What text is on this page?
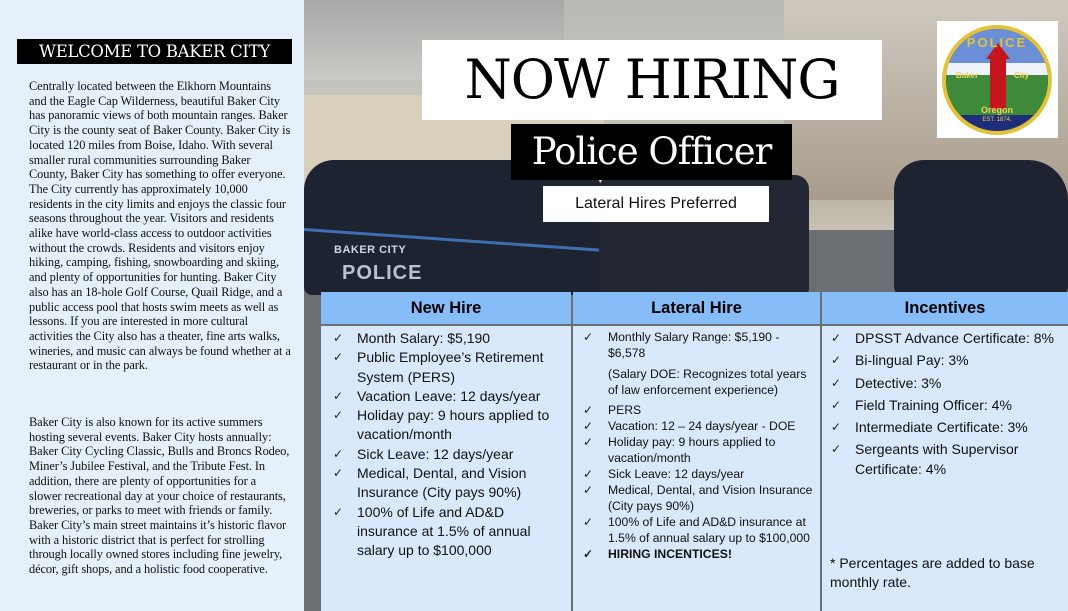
WELCOME TO BAKER CITY

Centrally located between the Elkhorn Mountains and the Eagle Cap Wilderness, beautiful Baker City has panoramic views of both mountain ranges. Baker City is the county seat of Baker County. Baker City is located 120 miles from Boise, Idaho. With several smaller rural communities surrounding Baker County, Baker City has something to offer everyone. The City currently has approximately 10,000 residents in the city limits and enjoys the classic four seasons throughout the year. Visitors and residents alike have world-class access to outdoor activities without the crowds. Residents and visitors enjoy hiking, camping, fishing, snowboarding and skiing, and plenty of opportunities for hunting. Baker City also has an 18-hole Golf Course, Quail Ridge, and a public access pool that hosts swim meets as well as lessons. If you are interested in more cultural activities the City also has a theater, fine arts walks, wineries, and music can always be found whether at a restaurant or in the park.

Baker City is also known for its active summers hosting several events. Baker City hosts annually: Baker City Cycling Classic, Bulls and Broncs Rodeo, Miner’s Jubilee Festival, and the Tribute Fest. In addition, there are plenty of opportunities for a slower recreational day at your choice of restaurants, breweries, or parks to meet with friends or family. Baker City’s main street maintains it’s historic flavor with a historic district that is perfect for strolling through locally owned stores including fine jewelry, décor, gift shops, and a holistic food cooperative.

BAKER CITY
POLICE
NOW HIRING
Police Officer
Lateral Hires Preferred
POLICE
Baker	City
Oregon
EST. 1874.
New Hire
✓ Month Salary: $5,190
✓ Public Employee’s Retirement System (PERS)
✓ Vacation Leave: 12 days/year
✓ Holiday pay: 9 hours applied to vacation/month
✓ Sick Leave: 12 days/year
✓ Medical, Dental, and Vision Insurance (City pays 90%)
✓ 100% of Life and AD&D insurance at 1.5% of annual salary up to $100,000
Lateral Hire
✓ Monthly Salary Range: $5,190 - $6,578
(Salary DOE: Recognizes total years of law enforcement experience)
✓ PERS
✓ Vacation: 12 – 24 days/year - DOE
✓ Holiday pay: 9 hours applied to vacation/month
✓ Sick Leave: 12 days/year
✓ Medical, Dental, and Vision Insurance (City pays 90%)
✓ 100% of Life and AD&D insurance at 1.5% of annual salary up to $100,000
✓ HIRING INCENTICES!
Incentives
✓ DPSST Advance Certificate: 8%
✓ Bi-lingual Pay: 3%
✓ Detective: 3%
✓ Field Training Officer: 4%
✓ Intermediate Certificate: 3%
✓ Sergeants with Supervisor Certificate: 4%
* Percentages are added to base monthly rate.
